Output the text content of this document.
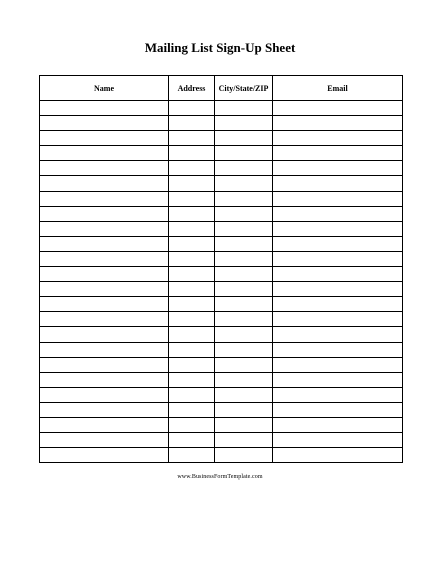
Mailing List Sign-Up Sheet
Name	Address	City/State/ZIP	Email

www.BusinessFormTemplate.com
